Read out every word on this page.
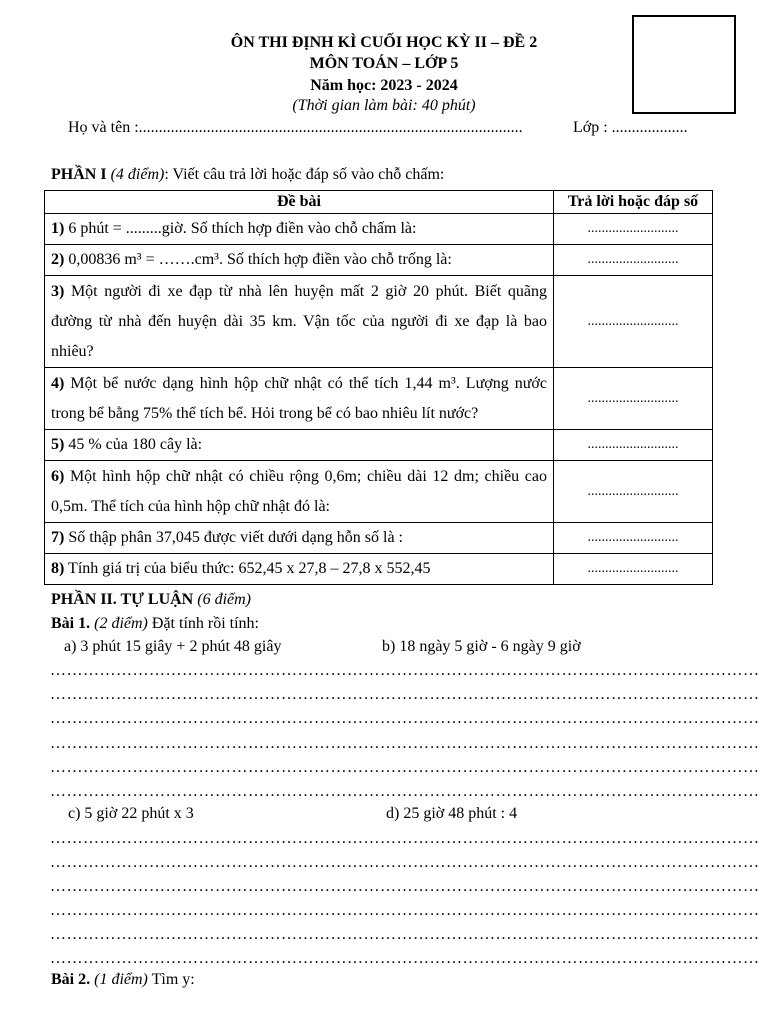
ÔN THI ĐỊNH KÌ CUỐI HỌC KỲ II – ĐỀ 2
MÔN TOÁN – LỚP 5
Năm học: 2023 - 2024
(Thời gian làm bài: 40 phút)
Họ và tên :................................................................................................	Lớp : ...................
PHẦN I (4 điểm): Viết câu trả lời hoặc đáp số vào chỗ chấm:
Đề bài	Trả lời hoặc đáp số
1) 6 phút = .........giờ. Số thích hợp điền vào chỗ chấm là:	..........................
2) 0,00836 m³ = …….cm³. Số thích hợp điền vào chỗ trống là:	..........................
3) Một người đi xe đạp từ nhà lên huyện mất 2 giờ 20 phút. Biết quãng đường từ nhà đến huyện dài 35 km. Vận tốc của người đi xe đạp là bao nhiêu?	..........................
4) Một bể nước dạng hình hộp chữ nhật có thể tích 1,44 m³. Lượng nước trong bể bằng 75% thể tích bể. Hỏi trong bể có bao nhiêu lít nước?	..........................
5) 45 % của 180 cây là:	..........................
6) Một hình hộp chữ nhật có chiều rộng 0,6m; chiều dài 12 dm; chiều cao 0,5m. Thể tích của hình hộp chữ nhật đó là:	..........................
7) Số thập phân 37,045 được viết dưới dạng hỗn số là :	..........................
8) Tính giá trị của biểu thức: 652,45 x 27,8 – 27,8 x 552,45	..........................
PHẦN II. TỰ LUẬN (6 điểm)
Bài 1. (2 điểm) Đặt tính rồi tính:
a) 3 phút 15 giây + 2 phút 48 giây	b) 18 ngày 5 giờ - 6 ngày 9 giờ
…………………………………………………………………………………………………………………
…………………………………………………………………………………………………………………
…………………………………………………………………………………………………………………
…………………………………………………………………………………………………………………
…………………………………………………………………………………………………………………
…………………………………………………………………………………………………………………
c) 5 giờ 22 phút x 3	d) 25 giờ 48 phút : 4
…………………………………………………………………………………………………………………
…………………………………………………………………………………………………………………
…………………………………………………………………………………………………………………
…………………………………………………………………………………………………………………
…………………………………………………………………………………………………………………
…………………………………………………………………………………………………………………
Bài 2. (1 điểm) Tìm y:
